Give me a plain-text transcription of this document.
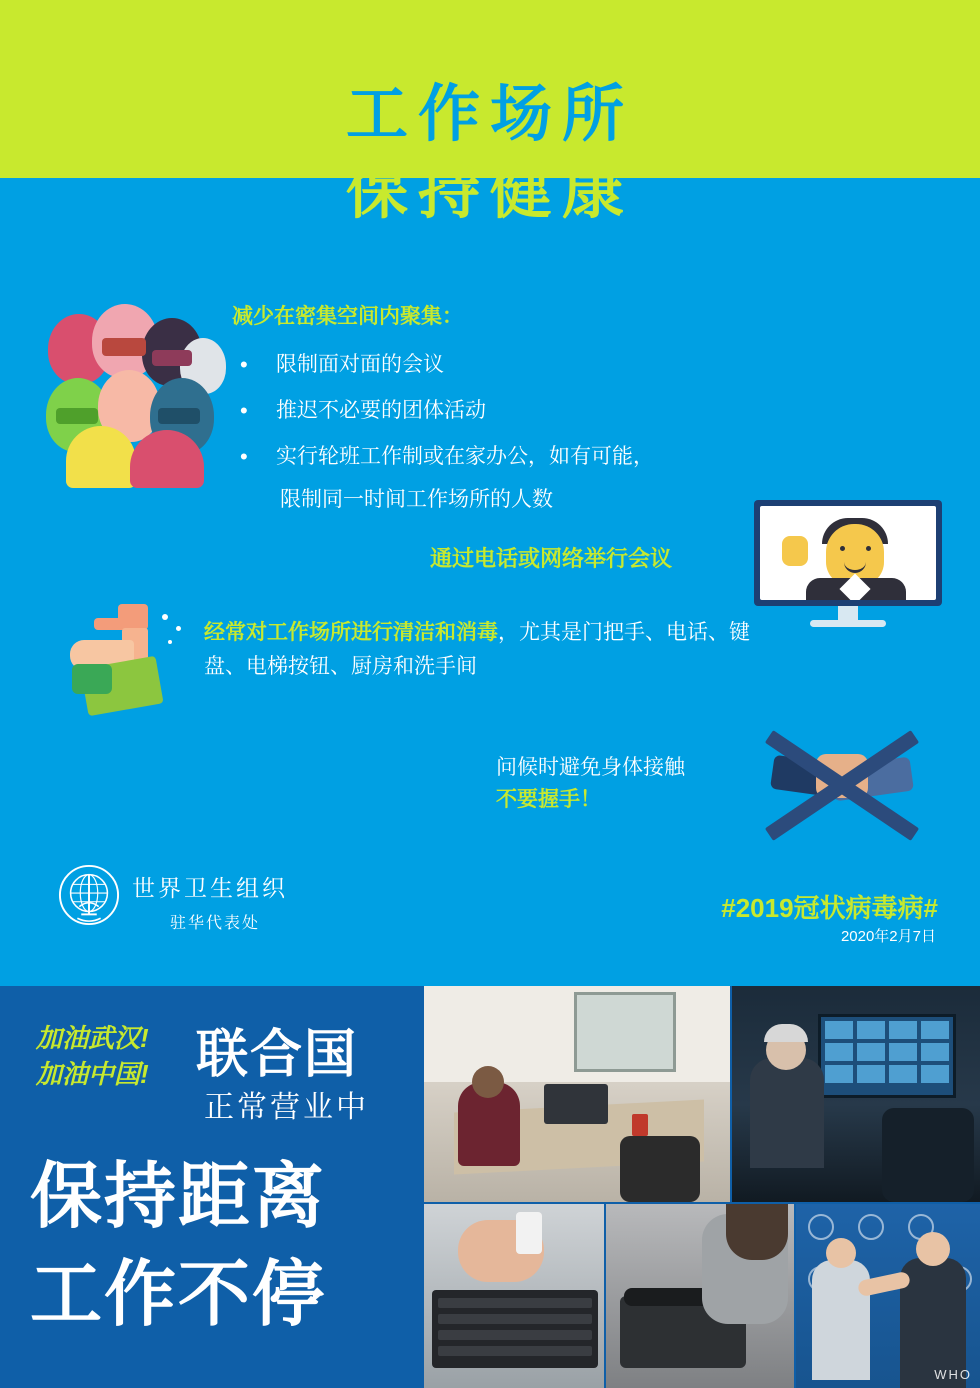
工作场所
保持健康

减少在密集空间内聚集：

• 限制面对面的会议
• 推迟不必要的团体活动
• 实行轮班工作制或在家办公，如有可能，
限制同一时间工作场所的人数
通过电话或网络举行会议
经常对工作场所进行清洁和消毒，尤其是门把手、电话、键盘、电梯按钮、厨房和洗手间
问候时避免身体接触
不要握手！
世界卫生组织
驻华代表处
#2019冠状病毒病#
2020年2月7日
加油武汉!
加油中国! 联合国
正常营业中
保持距离
工作不停
WHO
